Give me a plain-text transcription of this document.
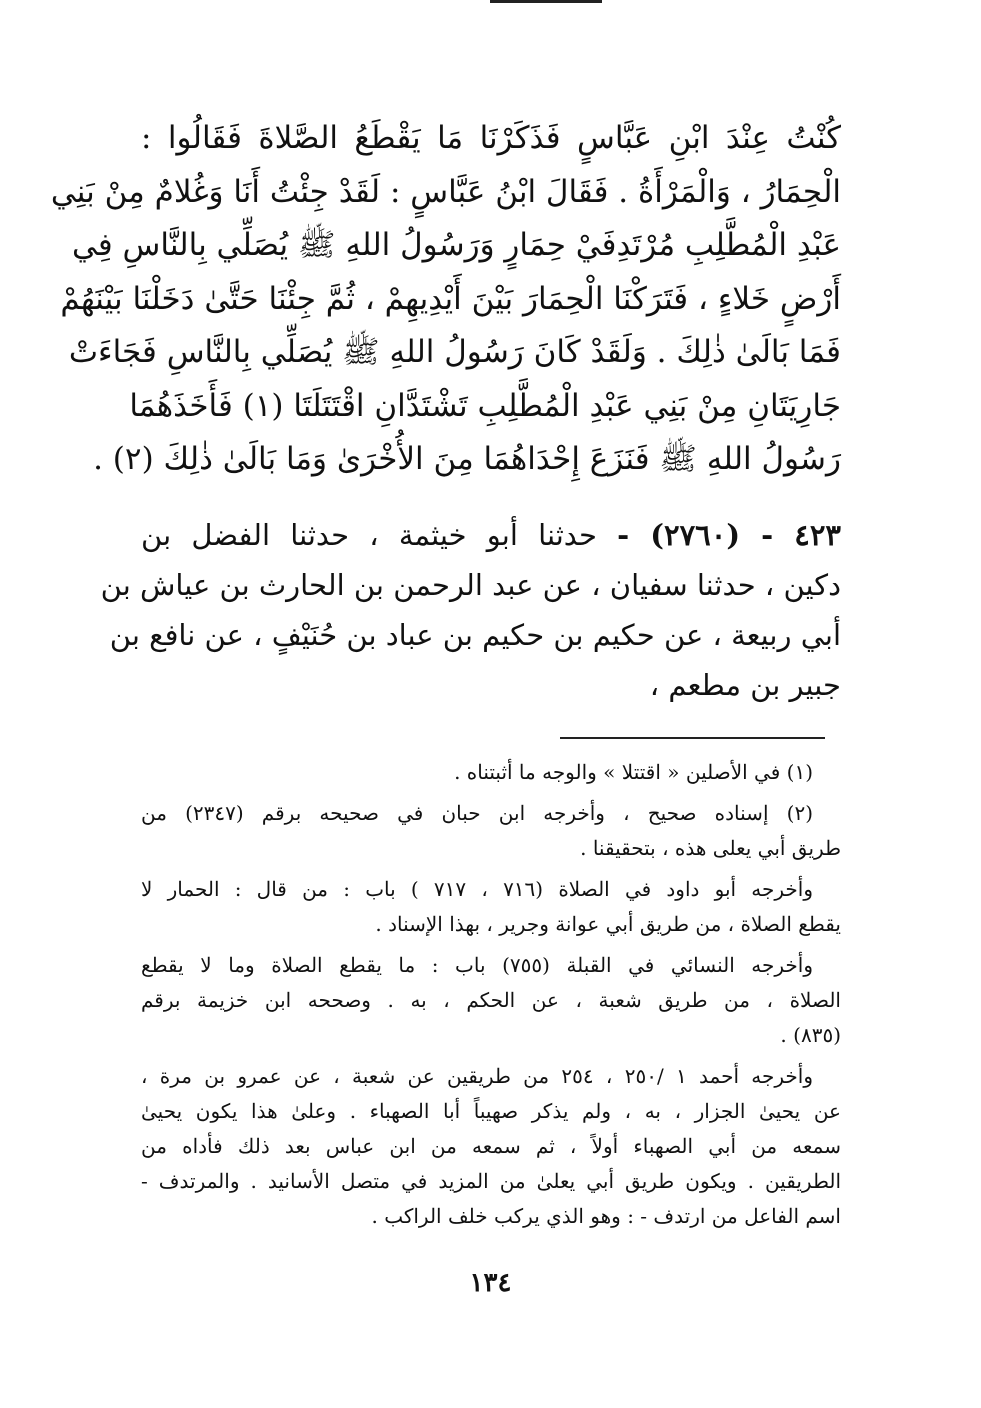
كُنْتُ عِنْدَ ابْنِ عَبَّاسٍ فَذَكَرْنَا مَا يَقْطَعُ الصَّلاةَ فَقَالُوا :
الْحِمَارُ ، وَالْمَرْأَةُ . فَقَالَ ابْنُ عَبَّاسٍ : لَقَدْ جِئْتُ أَنَا وَغُلامٌ مِنْ بَنِي
عَبْدِ الْمُطَّلِبِ مُرْتَدِفَيْ حِمَارٍ وَرَسُولُ اللهِ ﷺ يُصَلِّي بِالنَّاسِ فِي
أَرْضٍ خَلاءٍ ، فَتَرَكْنَا الْحِمَارَ بَيْنَ أَيْدِيهِمْ ، ثُمَّ جِئْنَا حَتَّىٰ دَخَلْنَا بَيْنَهُمْ
فَمَا بَالَىٰ ذٰلِكَ . وَلَقَدْ كَانَ رَسُولُ اللهِ ﷺ يُصَلِّي بِالنَّاسِ فَجَاءَتْ
جَارِيَتَانِ مِنْ بَنِي عَبْدِ الْمُطَّلِبِ تَشْتَدَّانِ اقْتَتَلَتَا (١) فَأَخَذَهُمَا
رَسُولُ اللهِ ﷺ فَنَزَعَ إِحْدَاهُمَا مِنَ الأُخْرَىٰ وَمَا بَالَىٰ ذٰلِكَ (٢) .
٤٢٣ - (٢٧٦٠) - حدثنا أبو خيثمة ، حدثنا الفضل بن
دكين ، حدثنا سفيان ، عن عبد الرحمن بن الحارث بن عياش بن
أبي ربيعة ، عن حكيم بن حكيم بن عباد بن حُنَيْفٍ ، عن نافع بن
جبير بن مطعم ،
(١) في الأصلين « اقتتلا » والوجه ما أثبتناه .
(٢) إسناده صحيح ، وأخرجه ابن حبان في صحيحه برقم (٢٣٤٧) من
طريق أبي يعلى هذه ، بتحقيقنا .
وأخرجه أبو داود في الصلاة (٧١٦ ، ٧١٧ ) باب : من قال : الحمار لا
يقطع الصلاة ، من طريق أبي عوانة وجرير ، بهذا الإسناد .
وأخرجه النسائي في القبلة (٧٥٥) باب : ما يقطع الصلاة وما لا يقطع
الصلاة ، من طريق شعبة ، عن الحكم ، به . وصححه ابن خزيمة برقم
(٨٣٥) .
وأخرجه أحمد ١ /٢٥٠ ، ٢٥٤ من طريقين عن شعبة ، عن عمرو بن مرة ،
عن يحيىٰ الجزار ، به ، ولم يذكر صهيباً أبا الصهباء . وعلىٰ هذا يكون يحيىٰ
سمعه من أبي الصهباء أولاً ، ثم سمعه من ابن عباس بعد ذلك فأداه من
الطريقين . ويكون طريق أبي يعلىٰ من المزيد في متصل الأسانيد . والمرتدف -
اسم الفاعل من ارتدف - : وهو الذي يركب خلف الراكب .
١٣٤
